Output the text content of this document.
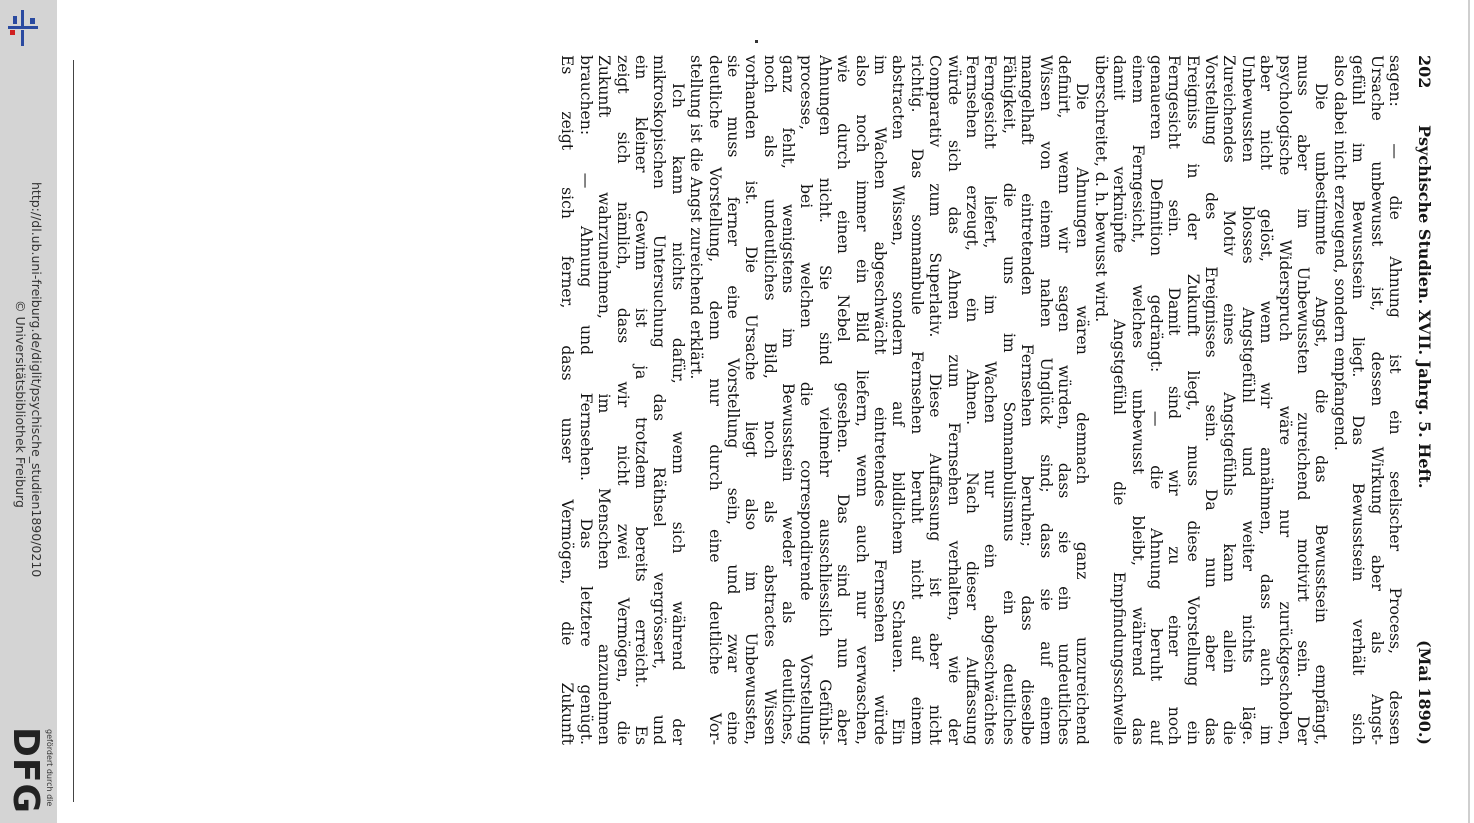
http://dl.ub.uni-freiburg.de/diglit/psychische_studien1890/0210
© Universitätsbibliothek Freiburg
gefördert durch die
DFG
202
Psychische Studien. XVII. Jahrg. 5. Heft.
(Mai 1890.)
sagen: — die Ahnung ist ein seelischer Process, dessen
Ursache unbewusst ist, dessen Wirkung aber als Angst-
gefühl im Bewusstsein liegt. Das Bewusstsein verhält sich
also dabei nicht erzeugend, sondern empfangend.
Die unbestimmte Angst, die das Bewusstsein empfängt,
muss aber im Unbewussten zureichend motivirt sein. Der
psychologische Widerspruch wäre nur zurückgeschoben,
aber nicht gelöst, wenn wir annähmen, dass auch im
Unbewussten blosses Angstgefühl und weiter nichts läge.
Zureichendes Motiv eines Angstgefühls kann allein die
Vorstellung des Ereignisses sein. Da nun aber das
Ereigniss in der Zukunft liegt, muss diese Vorstellung ein
Ferngesicht sein. Damit sind wir zu einer noch
genaueren Definition gedrängt: — die Ahnung beruht auf
einem Ferngesicht, welches unbewusst bleibt, während das
damit verknüpfte Angstgefühl die Empfindungsschwelle
überschreitet, d. h. bewusst wird.
Die Ahnungen wären demnach ganz unzureichend
definirt, wenn wir sagen würden, dass sie ein undeutliches
Wissen von einem nahen Unglück sind; dass sie auf einem
mangelhaft eintretenden Fernsehen beruhen; dass dieselbe
Fähigkeit, die uns im Somnambulismus ein deutliches
Ferngesicht liefert, im Wachen nur ein abgeschwächtes
Fernsehen erzeugt, ein Ahnen. Nach dieser Auffassung
würde sich das Ahnen zum Fernsehen verhalten, wie der
Comparativ zum Superlativ. Diese Auffassung ist aber nicht
richtig. Das somnambule Fernsehen beruht nicht auf einem
abstracten Wissen, sondern auf bildlichem Schauen. Ein
im Wachen abgeschwächt eintretendes Fernsehen würde
also noch immer ein Bild liefern, wenn auch nur verwaschen,
wie durch einen Nebel gesehen. Das sind nun aber
Ahnungen nicht. Sie sind vielmehr ausschliesslich Gefühls-
processe, bei welchen die correspondirende Vorstellung
ganz fehlt, wenigstens im Bewusstsein weder als deutliches,
noch als undeutliches Bild, noch als abstractes Wissen
vorhanden ist. Die Ursache liegt also im Unbewussten,
sie muss ferner eine Vorstellung sein, und zwar eine
deutliche Vorstellung, denn nur durch eine deutliche Vor-
stellung ist die Angst zureichend erklärt.
Ich kann nichts dafür, wenn sich während der
mikroskopischen Untersuchung das Räthsel vergrössert, und
ein kleiner Gewinn ist ja trotzdem bereits erreicht. Es
zeigt sich nämlich, dass wir nicht zwei Vermögen, die
Zukunft wahrzunehmen, im Menschen anzunehmen
brauchen: — Ahnung und Fernsehen. Das letztere genügt.
Es zeigt sich ferner, dass unser Vermögen, die Zukunft
